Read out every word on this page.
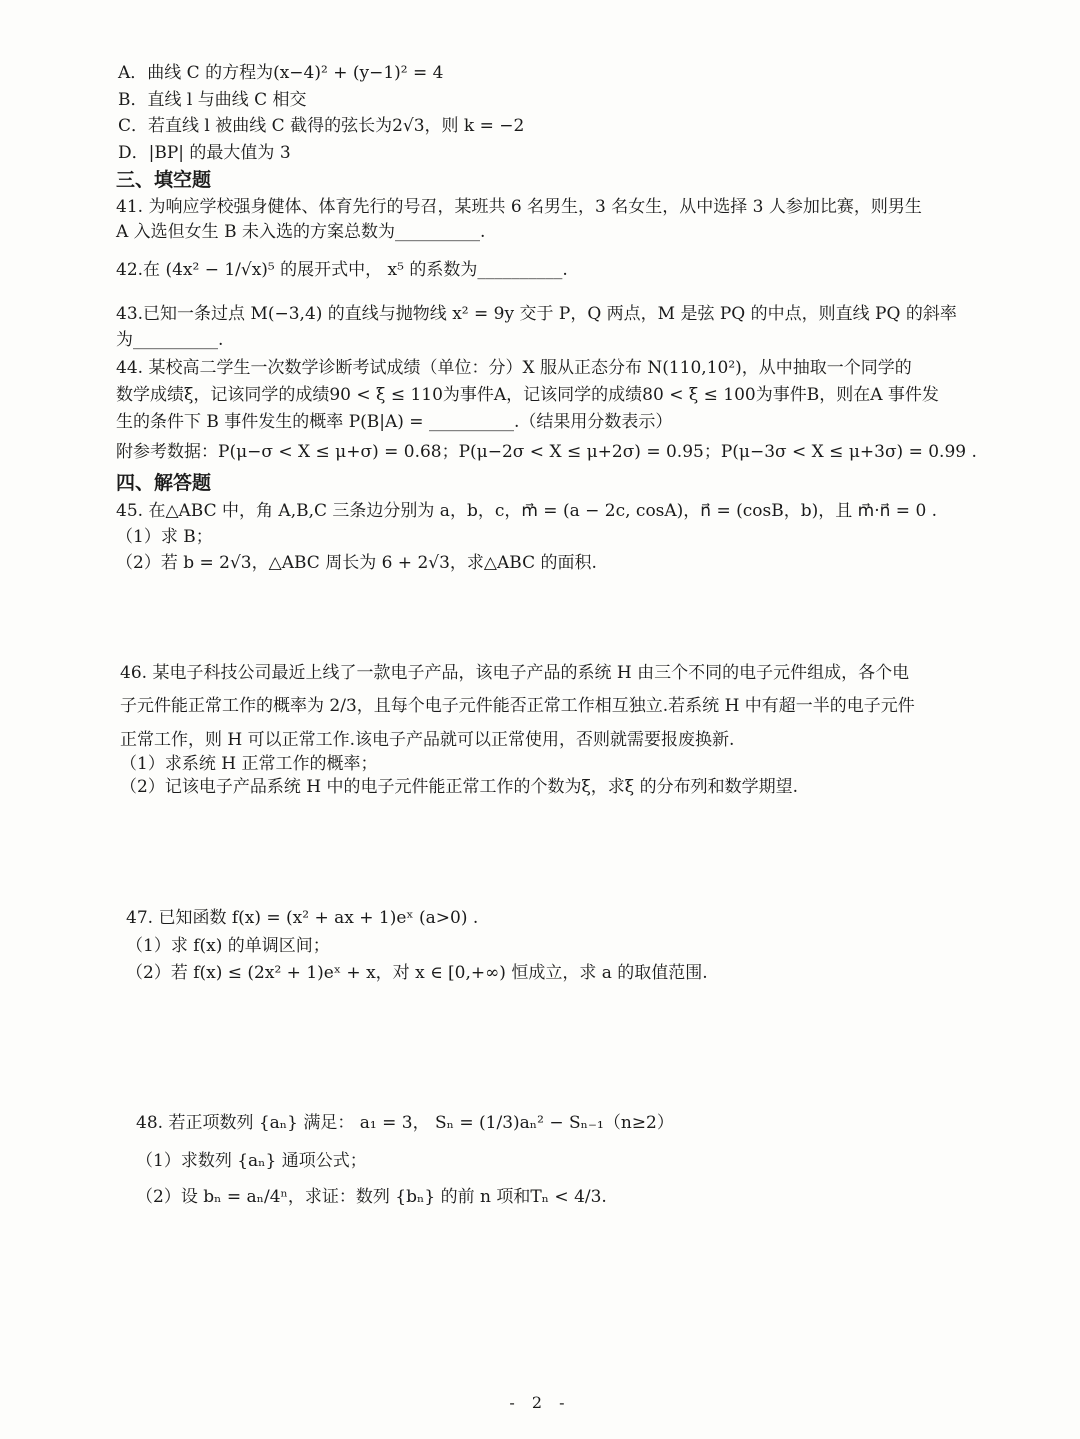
A．曲线 C 的方程为(x−4)² + (y−1)² = 4
B．直线 l 与曲线 C 相交
C．若直线 l 被曲线 C 截得的弦长为2√3，则 k = −2
D．|BP| 的最大值为 3
三、填空题
41. 为响应学校强身健体、体育先行的号召，某班共 6 名男生，3 名女生，从中选择 3 人参加比赛，则男生
A 入选但女生 B 未入选的方案总数为__________.
42.在 (4x² − 1/√x)⁵ 的展开式中， x⁵ 的系数为__________.
43.已知一条过点 M(−3,4) 的直线与抛物线 x² = 9y 交于 P，Q 两点，M 是弦 PQ 的中点，则直线 PQ 的斜率
为__________.
44. 某校高二学生一次数学诊断考试成绩（单位：分）X 服从正态分布 N(110,10²)，从中抽取一个同学的
数学成绩ξ，记该同学的成绩90 < ξ ≤ 110为事件A，记该同学的成绩80 < ξ ≤ 100为事件B，则在A 事件发
生的条件下 B 事件发生的概率 P(B|A) = __________.（结果用分数表示）
附参考数据：P(μ−σ < X ≤ μ+σ) = 0.68；P(μ−2σ < X ≤ μ+2σ) = 0.95；P(μ−3σ < X ≤ μ+3σ) = 0.99 .
四、解答题
45. 在△ABC 中，角 A,B,C 三条边分别为 a，b，c，m⃗ = (a − 2c, cosA)，n⃗ = (cosB，b)，且 m⃗·n⃗ = 0 .
（1）求 B；
（2）若 b = 2√3，△ABC 周长为 6 + 2√3，求△ABC 的面积.
46. 某电子科技公司最近上线了一款电子产品，该电子产品的系统 H 由三个不同的电子元件组成，各个电
子元件能正常工作的概率为 2/3，且每个电子元件能否正常工作相互独立.若系统 H 中有超一半的电子元件
正常工作，则 H 可以正常工作.该电子产品就可以正常使用，否则就需要报废换新.
（1）求系统 H 正常工作的概率；
（2）记该电子产品系统 H 中的电子元件能正常工作的个数为ξ，求ξ 的分布列和数学期望.
47. 已知函数 f(x) = (x² + ax + 1)eˣ (a>0) .
（1）求 f(x) 的单调区间；
（2）若 f(x) ≤ (2x² + 1)eˣ + x，对 x ∈ [0,+∞) 恒成立，求 a 的取值范围.
48. 若正项数列 {aₙ} 满足： a₁ = 3， Sₙ = (1/3)aₙ² − Sₙ₋₁（n≥2）
（1）求数列 {aₙ} 通项公式；
（2）设 bₙ = aₙ/4ⁿ，求证：数列 {bₙ} 的前 n 项和Tₙ < 4/3.
- 2 -
